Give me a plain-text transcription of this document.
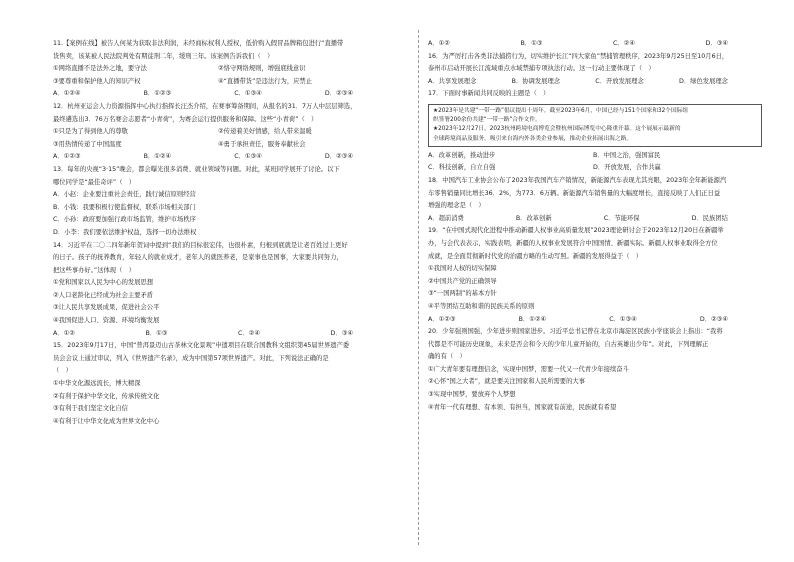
11.【案例在线】被告人何某为获取非法利润，未经商标权利人授权，低价购入假冒品牌箱包进行“直播带
货售卖，该某被人民法院判处有期徒刑二年，缓刑三年。该案例告诉我们（　）
①网络直播不是法外之地，要守法	②恪守网络规则，增强底线意识
③要尊重和保护他人的知识产权	④“直播带货”是违法行为，应禁止
A．①②④	B．①②③	C．①③④	D．②③④
12．杭州亚运会人力资源指挥中心执行指挥长汪杰介绍，在赛事筹备期间，从报名的31．7万人中层层筛选，
最终遴选出3．76万名赛会志愿者“小青荷”，为赛会运行提供服务和保障。这些“小青荷”（　）
①只是为了得到他人的尊敬	②传递着美好情感，给人带来温暖
③用热情传递了中国温度	④勇于承担责任，服务奉献社会
A．①②③	B．①②④	C．①③④	D．②③④
13．每年的央视“3·15”晚会，都会曝光很多消费、就业领域等问题。对此，某班同学展开了讨论。以下
哪位同学是“最佳奇评”（　）
A．小赵：企业要注重社会责任，践行诚信原则经营
B．小钱：我要积极行使监督权，联系市场相关部门
C．小孙：政府要加强行政市场监管，维护市场秩序
D．小李：我们要依法维护权益，选择一切办法维权
14．习近平在二〇二四年新年贺词中提到“我们的目标很宏伟，也很朴素，归根到底就是让老百姓过上更好
的日子。孩子的抚养教育，年轻人的就业成才，老年人的就医养老，是家事也是国事，大家要共同努力，
把这些事办好。”这体现（　）
①党和国家以人民为中心的发展思想
②人口老龄化已经成为社会主要矛盾
③让人民共享发展成果，促进社会公平
④我国促进人口、资源、环境均衡发展
A．①②	B．①③	C．②④	D．③④
15．2023年9月17日，中国“普洱景迈山古茶林文化景观”申遗项目在联合国教科文组织第45届世界遗产委
员会会议上通过审议，列入《世界遗产名录》，成为中国第57项世界遗产。对此，下列说法正确的是
（　）
①中华文化源远流长，博大精深
②有利于保护中华文化，传承传统文化
③有利于我们坚定文化自信
④有利于让中华文化成为世界文化中心
A．①②	B．①③	C．②④	D．③④
16．为严厉打击各类非法捕捞行为，切实维护长江“四大家鱼”禁捕管理秩序，2023年9月25日至10月6日，
泰州市启动开展长江流域重点水域禁捕专项执法行动。这一行动主要体现了（　）
A．共享发展理念	B．协调发展理念	C．开放发展理念	D．绿色发展理念
17．下面时事新闻共同反映的主题是（　）
★2023年是共建“一带一路”倡议提出十周年。截至2023年6月，中国已经与151个国家和32个国际组
织签署200余份共建“一带一路”合作文件。
★2023年12月27日，2023杭州跨境电商博览会暨杭州国际博览中心隆重开幕。这个展展示最新的
全球跨境商品及服务，吸引来自海内外各类企业参展，推动企业拓展出海之路。
A．改革创新，推动进步	B．中国之治，强国富民
C．科技创新，自立自强	D．开放发展，合作共赢
18．中国汽车工业协会公布了2023年我国汽车产销情况，新能源汽车表现尤其亮眼，2023年全年新能源汽
车零售销量同比增长36．2%，为773．6万辆。新能源汽车销售量的大幅度增长，直接反映了人们正日益
增强的理念是（　）
A．超前消费	B．改革创新	C．节能环保	D．民族团结
19．“在中国式现代化进程中推动新疆人权事业高质量发展”2023理论研讨会于2023年12月20日在新疆举
办，与会代表表示，实践表明，新疆的人权事业发展符合中国国情、新疆实际。新疆人权事业取得全方位
成就，是全面贯彻新时代党的治疆方略的生动写照。新疆的发展得益于（　）
①我国对人权的切实保障
②中国共产党的正确领导
③“一国两制”的基本方针
④平等团结互助和谐的民族关系的原则
A．①②③	B．①②④	C．①③④	D．②③④
20．少年强则国强，少年进步则国家进步。习近平总书记曾在北京市海淀区民族小学座谈会上指出：“我将
代都是不可能历史现象，未来是否会和今天的少年儿童开始的，自古英雄出少年”。对此，下列理解正
确的有（　）
①广大青年要有理想信念，实现中国梦，需要一代又一代青少年接续奋斗
②心怀“国之大者”，就是要关注国家和人民所需要的大事
③实现中国梦，要放弃个人梦想
④青年一代有理想、有本领、有担当，国家就有前途，民族就有希望
